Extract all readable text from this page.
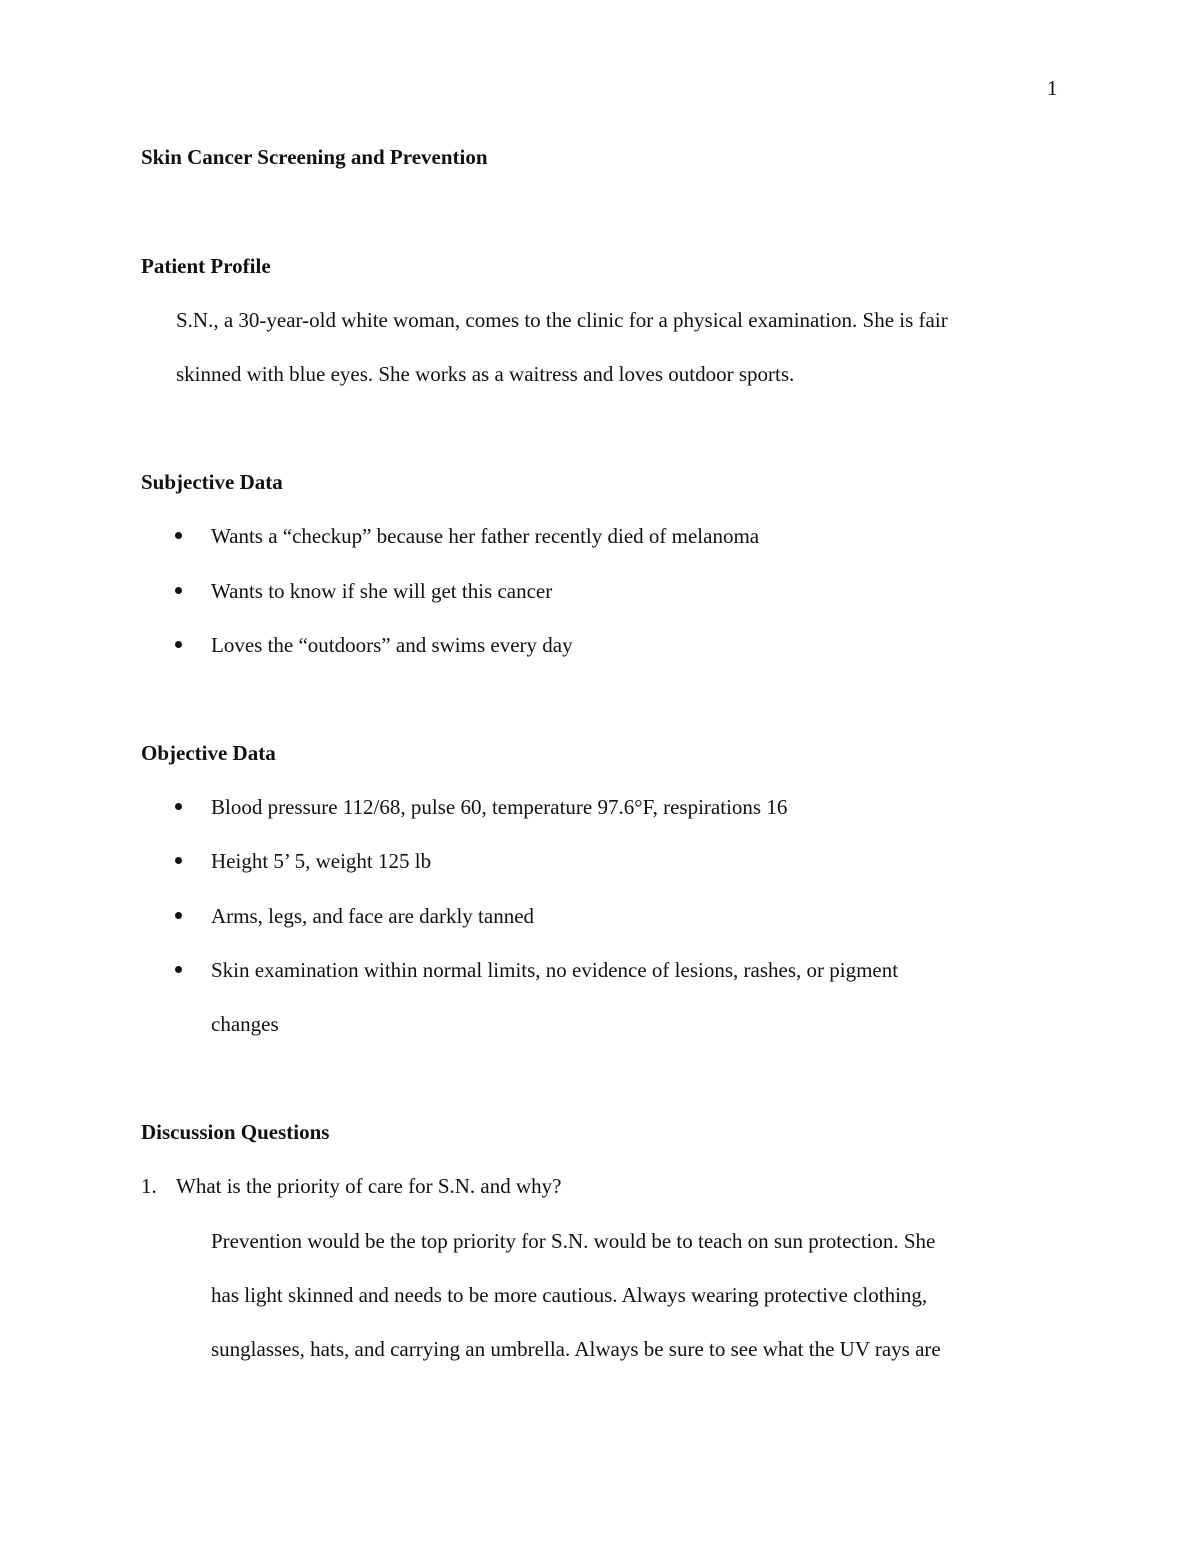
1
Skin Cancer Screening and Prevention
Patient Profile
S.N., a 30-year-old white woman, comes to the clinic for a physical examination. She is fair
skinned with blue eyes. She works as a waitress and loves outdoor sports.
Subjective Data
Wants a “checkup” because her father recently died of melanoma
Wants to know if she will get this cancer
Loves the “outdoors” and swims every day
Objective Data
Blood pressure 112/68, pulse 60, temperature 97.6°F, respirations 16
Height 5’ 5, weight 125 lb
Arms, legs, and face are darkly tanned
Skin examination within normal limits, no evidence of lesions, rashes, or pigment
changes
Discussion Questions
1. What is the priority of care for S.N. and why?
Prevention would be the top priority for S.N. would be to teach on sun protection. She
has light skinned and needs to be more cautious. Always wearing protective clothing,
sunglasses, hats, and carrying an umbrella. Always be sure to see what the UV rays are
